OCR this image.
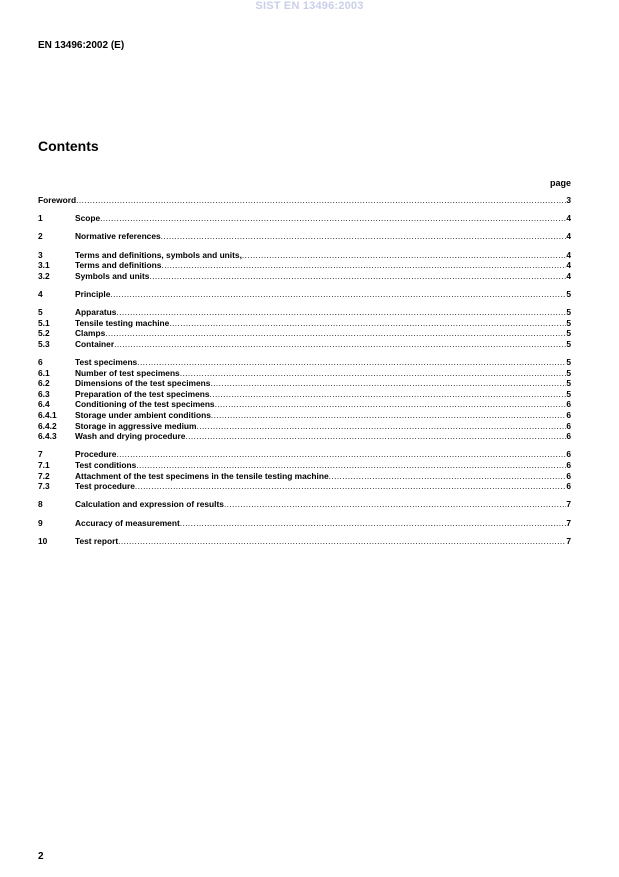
SIST EN 13496:2003
EN 13496:2002 (E)
Contents
page
Foreword .....	3
1	Scope .....	4
2	Normative references .....	4
3	Terms and definitions, symbols and units, .....	4
3.1	Terms and definitions .....	4
3.2	Symbols and units .....	4
4	Principle .....	5
5	Apparatus .....	5
5.1	Tensile testing machine .....	5
5.2	Clamps .....	5
5.3	Container .....	5
6	Test specimens .....	5
6.1	Number of test specimens .....	5
6.2	Dimensions of the test specimens .....	5
6.3	Preparation of the test specimens .....	5
6.4	Conditioning of the test specimens .....	6
6.4.1	Storage under ambient conditions .....	6
6.4.2	Storage in aggressive medium .....	6
6.4.3	Wash and drying procedure .....	6
7	Procedure .....	6
7.1	Test conditions .....	6
7.2	Attachment of the test specimens in the tensile testing machine .....	6
7.3	Test procedure .....	6
8	Calculation and expression of results .....	7
9	Accuracy of measurement .....	7
10	Test report .....	7
2
